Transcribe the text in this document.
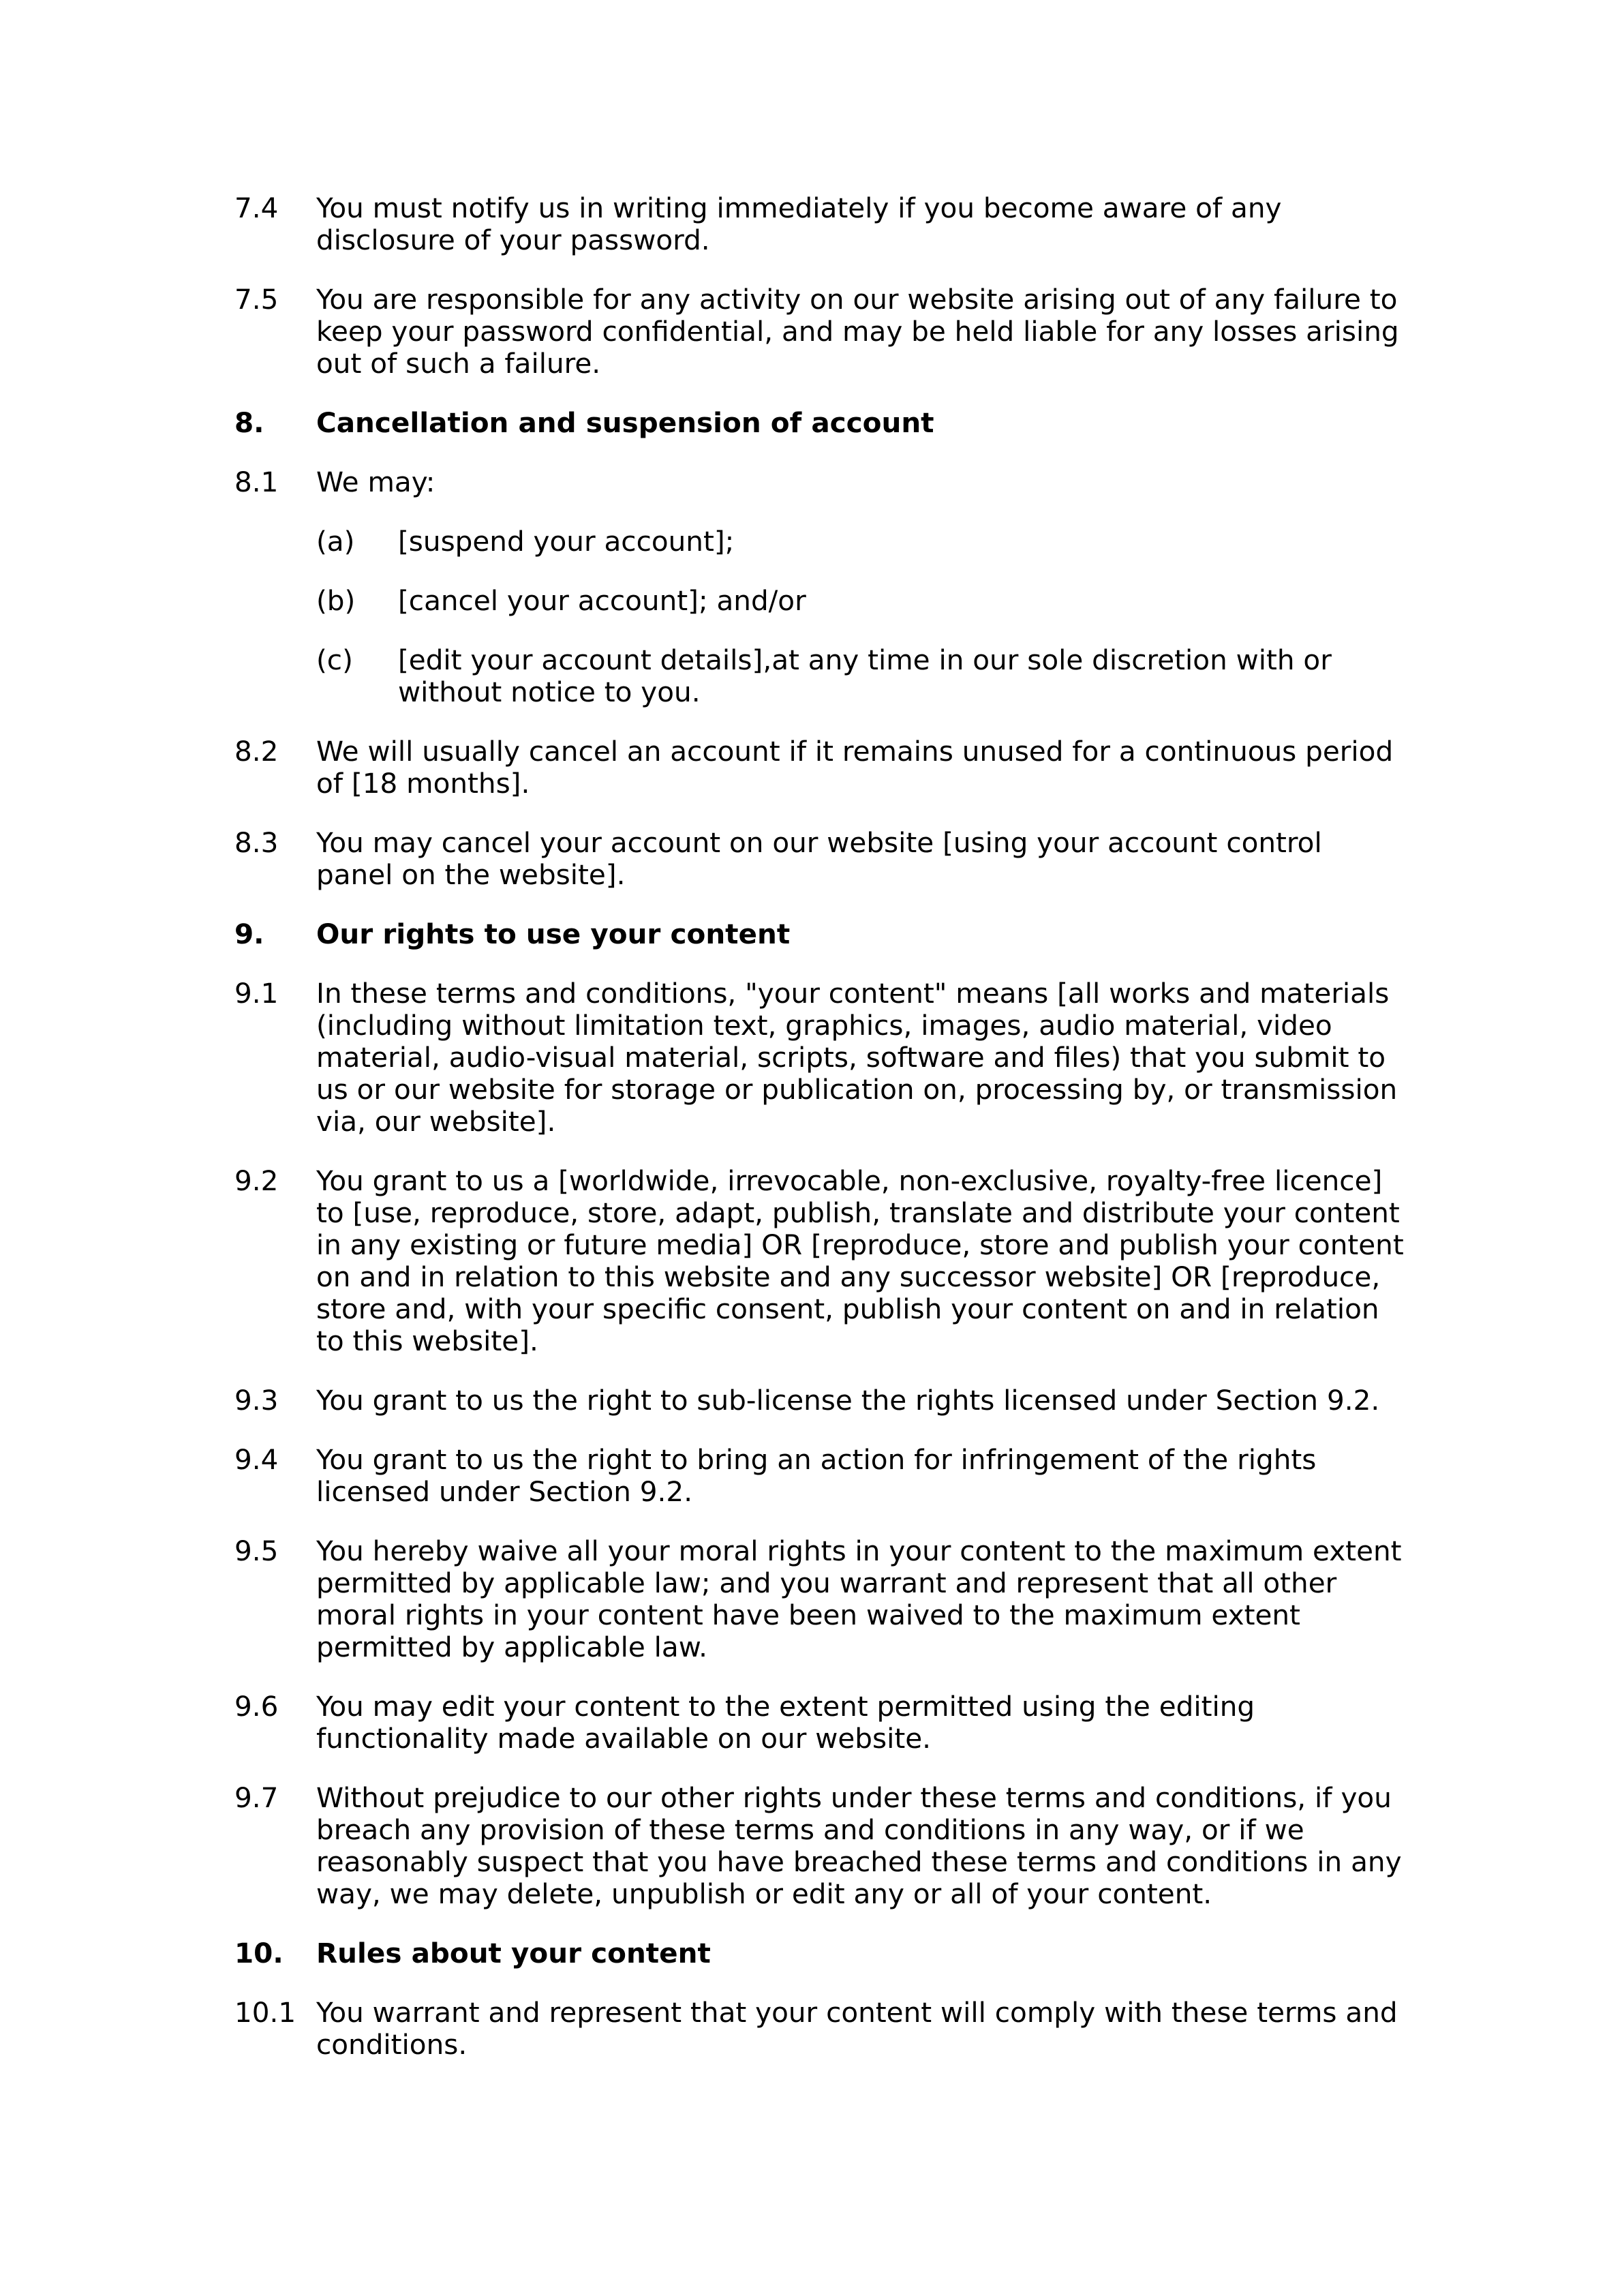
7.4	You must notify us in writing immediately if you become aware of any disclosure of your password.
7.5	You are responsible for any activity on our website arising out of any failure to keep your password confidential, and may be held liable for any losses arising out of such a failure.
8.	Cancellation and suspension of account
8.1	We may:
(a)	[suspend your account];
(b)	[cancel your account]; and/or
(c)	[edit your account details],at any time in our sole discretion with or without notice to you.
8.2	We will usually cancel an account if it remains unused for a continuous period of [18 months].
8.3	You may cancel your account on our website [using your account control panel on the website].
9.	Our rights to use your content
9.1	In these terms and conditions, "your content" means [all works and materials (including without limitation text, graphics, images, audio material, video material, audio-visual material, scripts, software and files) that you submit to us or our website for storage or publication on, processing by, or transmission via, our website].
9.2	You grant to us a [worldwide, irrevocable, non-exclusive, royalty-free licence] to [use, reproduce, store, adapt, publish, translate and distribute your content in any existing or future media] OR [reproduce, store and publish your content on and in relation to this website and any successor website] OR [reproduce, store and, with your specific consent, publish your content on and in relation to this website].
9.3	You grant to us the right to sub-license the rights licensed under Section 9.2.
9.4	You grant to us the right to bring an action for infringement of the rights licensed under Section 9.2.
9.5	You hereby waive all your moral rights in your content to the maximum extent permitted by applicable law; and you warrant and represent that all other moral rights in your content have been waived to the maximum extent permitted by applicable law.
9.6	You may edit your content to the extent permitted using the editing functionality made available on our website.
9.7	Without prejudice to our other rights under these terms and conditions, if you breach any provision of these terms and conditions in any way, or if we reasonably suspect that you have breached these terms and conditions in any way, we may delete, unpublish or edit any or all of your content.
10.	Rules about your content
10.1 You warrant and represent that your content will comply with these terms and conditions.
